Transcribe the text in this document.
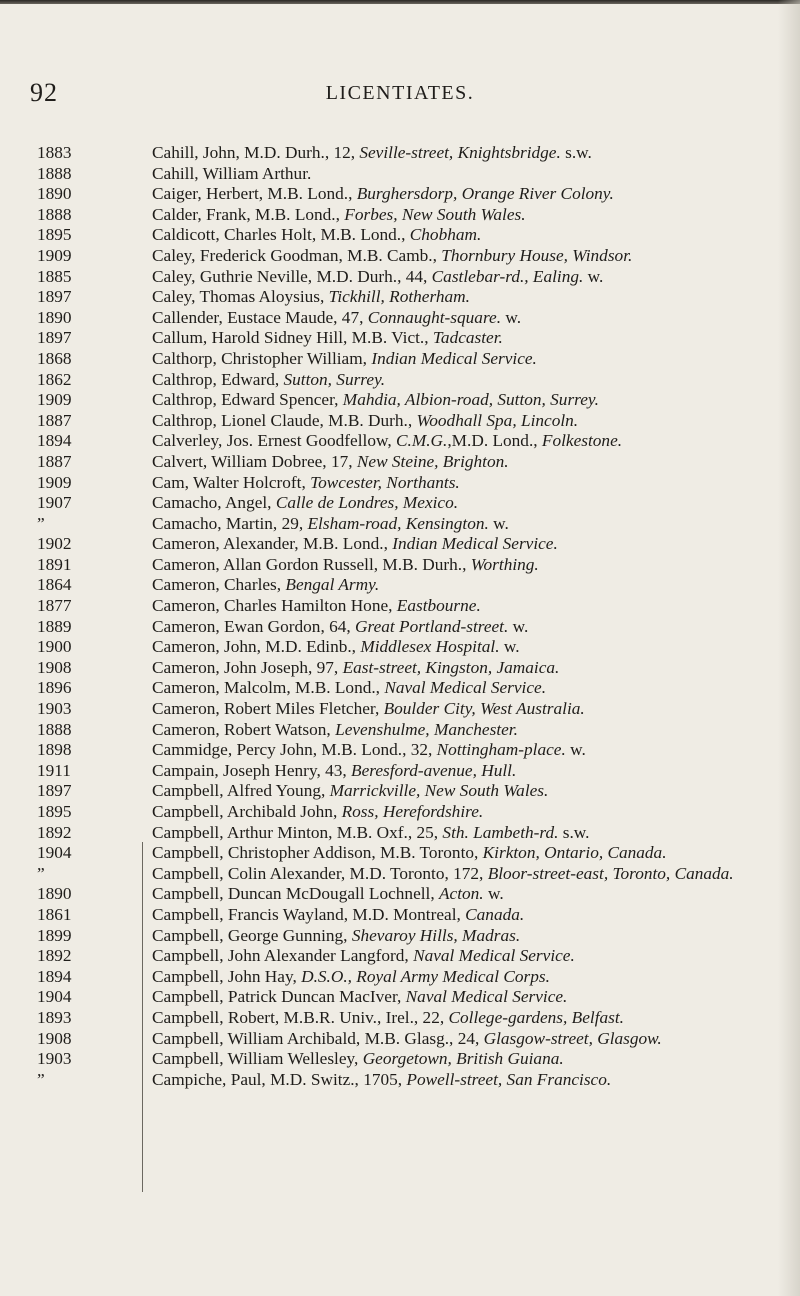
92	LICENTIATES.
1883	Cahill, John, M.D. Durh., 12, Seville-street, Knightsbridge. s.w.
1888	Cahill, William Arthur.
1890	Caiger, Herbert, M.B. Lond., Burghersdorp, Orange River Colony.
1888	Calder, Frank, M.B. Lond., Forbes, New South Wales.
1895	Caldicott, Charles Holt, M.B. Lond., Chobham.
1909	Caley, Frederick Goodman, M.B. Camb., Thornbury House, Windsor.
1885	Caley, Guthrie Neville, M.D. Durh., 44, Castlebar-rd., Ealing. w.
1897	Caley, Thomas Aloysius, Tickhill, Rotherham.
1890	Callender, Eustace Maude, 47, Connaught-square. w.
1897	Callum, Harold Sidney Hill, M.B. Vict., Tadcaster.
1868	Calthorp, Christopher William, Indian Medical Service.
1862	Calthrop, Edward, Sutton, Surrey.
1909	Calthrop, Edward Spencer, Mahdia, Albion-road, Sutton, Surrey.
1887	Calthrop, Lionel Claude, M.B. Durh., Woodhall Spa, Lincoln.
1894	Calverley, Jos. Ernest Goodfellow, C.M.G.,M.D. Lond., Folkestone.
1887	Calvert, William Dobree, 17, New Steine, Brighton.
1909	Cam, Walter Holcroft, Towcester, Northants.
1907	Camacho, Angel, Calle de Londres, Mexico.
”	Camacho, Martin, 29, Elsham-road, Kensington. w.
1902	Cameron, Alexander, M.B. Lond., Indian Medical Service.
1891	Cameron, Allan Gordon Russell, M.B. Durh., Worthing.
1864	Cameron, Charles, Bengal Army.
1877	Cameron, Charles Hamilton Hone, Eastbourne.
1889	Cameron, Ewan Gordon, 64, Great Portland-street. w.
1900	Cameron, John, M.D. Edinb., Middlesex Hospital. w.
1908	Cameron, John Joseph, 97, East-street, Kingston, Jamaica.
1896	Cameron, Malcolm, M.B. Lond., Naval Medical Service.
1903	Cameron, Robert Miles Fletcher, Boulder City, West Australia.
1888	Cameron, Robert Watson, Levenshulme, Manchester.
1898	Cammidge, Percy John, M.B. Lond., 32, Nottingham-place. w.
1911	Campain, Joseph Henry, 43, Beresford-avenue, Hull.
1897	Campbell, Alfred Young, Marrickville, New South Wales.
1895	Campbell, Archibald John, Ross, Herefordshire.
1892	Campbell, Arthur Minton, M.B. Oxf., 25, Sth. Lambeth-rd. s.w.
1904	Campbell, Christopher Addison, M.B. Toronto, Kirkton, Ontario, Canada.
”	Campbell, Colin Alexander, M.D. Toronto, 172, Bloor-street-east, Toronto, Canada.
1890	Campbell, Duncan McDougall Lochnell, Acton. w.
1861	Campbell, Francis Wayland, M.D. Montreal, Canada.
1899	Campbell, George Gunning, Shevaroy Hills, Madras.
1892	Campbell, John Alexander Langford, Naval Medical Service.
1894	Campbell, John Hay, D.S.O., Royal Army Medical Corps.
1904	Campbell, Patrick Duncan MacIver, Naval Medical Service.
1893	Campbell, Robert, M.B.R. Univ., Irel., 22, College-gardens, Belfast.
1908	Campbell, William Archibald, M.B. Glasg., 24, Glasgow-street, Glasgow.
1903	Campbell, William Wellesley, Georgetown, British Guiana.
”	Campiche, Paul, M.D. Switz., 1705, Powell-street, San Francisco.
